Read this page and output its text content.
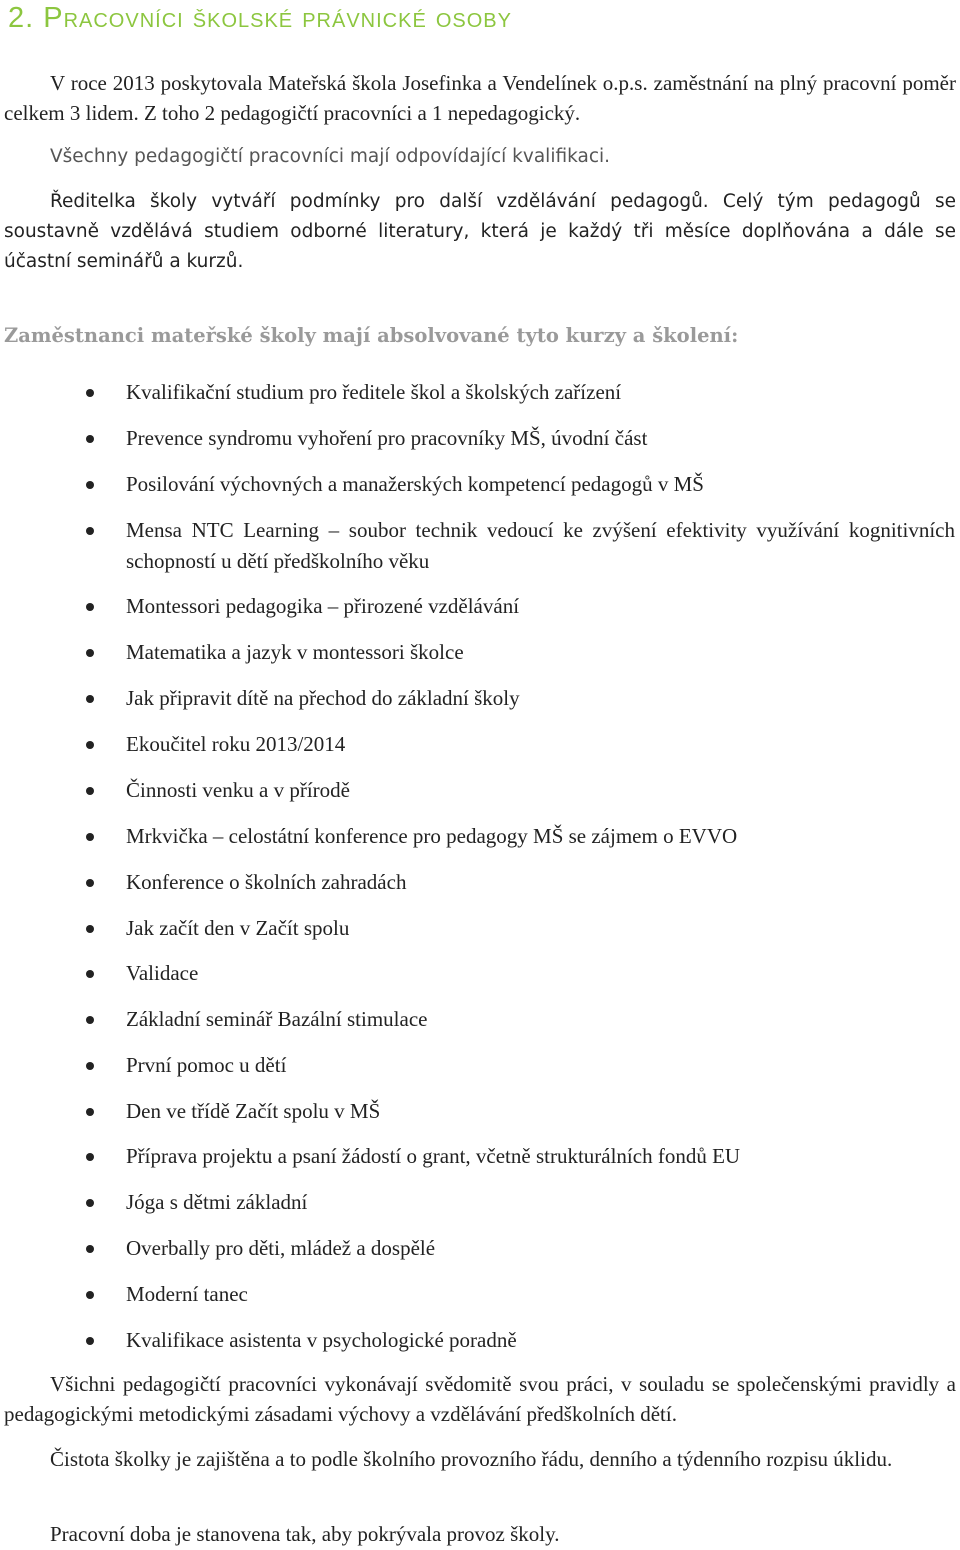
2. Pracovníci školské právnické osoby

V roce 2013 poskytovala Mateřská škola Josefinka a Vendelínek o.p.s. zaměstnání na plný pracovní poměr celkem 3 lidem. Z toho 2 pedagogičtí pracovníci a 1 nepedagogický.

Všechny pedagogičtí pracovníci mají odpovídající kvalifikaci.

Ředitelka školy vytváří podmínky pro další vzdělávání pedagogů. Celý tým pedagogů se soustavně vzdělává studiem odborné literatury, která je každý tři měsíce doplňována a dále se účastní seminářů a kurzů.

Zaměstnanci mateřské školy mají absolvované tyto kurzy a školení:
Kvalifikační studium pro ředitele škol a školských zařízení
Prevence syndromu vyhoření pro pracovníky MŠ, úvodní část
Posilování výchovných a manažerských kompetencí pedagogů v MŠ
Mensa NTC Learning – soubor technik vedoucí ke zvýšení efektivity využívání kognitivních schopností u dětí předškolního věku
Montessori pedagogika – přirozené vzdělávání
Matematika a jazyk v montessori školce
Jak připravit dítě na přechod do základní školy
Ekoučitel roku 2013/2014
Činnosti venku a v přírodě
Mrkvička – celostátní konference pro pedagogy MŠ se zájmem o EVVO
Konference o školních zahradách
Jak začít den v Začít spolu
Validace
Základní seminář Bazální stimulace
První pomoc u dětí
Den ve třídě Začít spolu v MŠ
Příprava projektu a psaní žádostí o grant, včetně strukturálních fondů EU
Jóga s dětmi základní
Overbally pro děti, mládež a dospělé
Moderní tanec
Kvalifikace asistenta v psychologické poradně

Všichni pedagogičtí pracovníci vykonávají svědomitě svou práci, v souladu se společenskými pravidly a pedagogickými metodickými zásadami výchovy a vzdělávání předškolních dětí.

Čistota školky je zajištěna a to podle školního provozního řádu, denního a týdenního rozpisu úklidu.

Pracovní doba je stanovena tak, aby pokrývala provoz školy.
